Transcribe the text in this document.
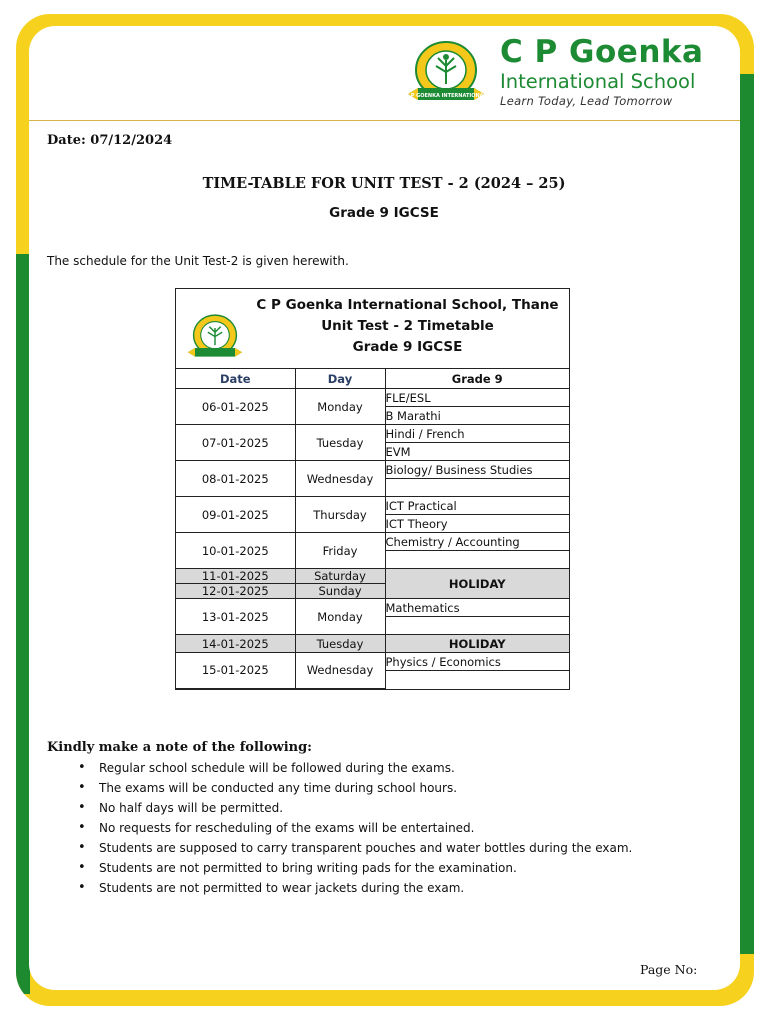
C P GOENKA INTERNATIONAL
C P Goenka
International School
Learn Today, Lead Tomorrow
Date: 07/12/2024
TIME-TABLE FOR UNIT TEST - 2 (2024 – 25)
Grade 9 IGCSE
The schedule for the Unit Test-2 is given herewith.
C P Goenka International School, Thane
Unit Test - 2 Timetable
Grade 9 IGCSE
Date	Day	Grade 9
06-01-2025	Monday	FLE/ESL
		B Marathi
07-01-2025	Tuesday	Hindi / French
		EVM
08-01-2025	Wednesday	Biology/ Business Studies

09-01-2025	Thursday	ICT Practical
		ICT Theory
10-01-2025	Friday	Chemistry / Accounting

11-01-2025	Saturday	HOLIDAY
12-01-2025	Sunday	
13-01-2025	Monday	Mathematics

14-01-2025	Tuesday	HOLIDAY
15-01-2025	Wednesday	Physics / Economics

Kindly make a note of the following:
• Regular school schedule will be followed during the exams.
• The exams will be conducted any time during school hours.
• No half days will be permitted.
• No requests for rescheduling of the exams will be entertained.
• Students are supposed to carry transparent pouches and water bottles during the exam.
• Students are not permitted to bring writing pads for the examination.
• Students are not permitted to wear jackets during the exam.
Page No:
